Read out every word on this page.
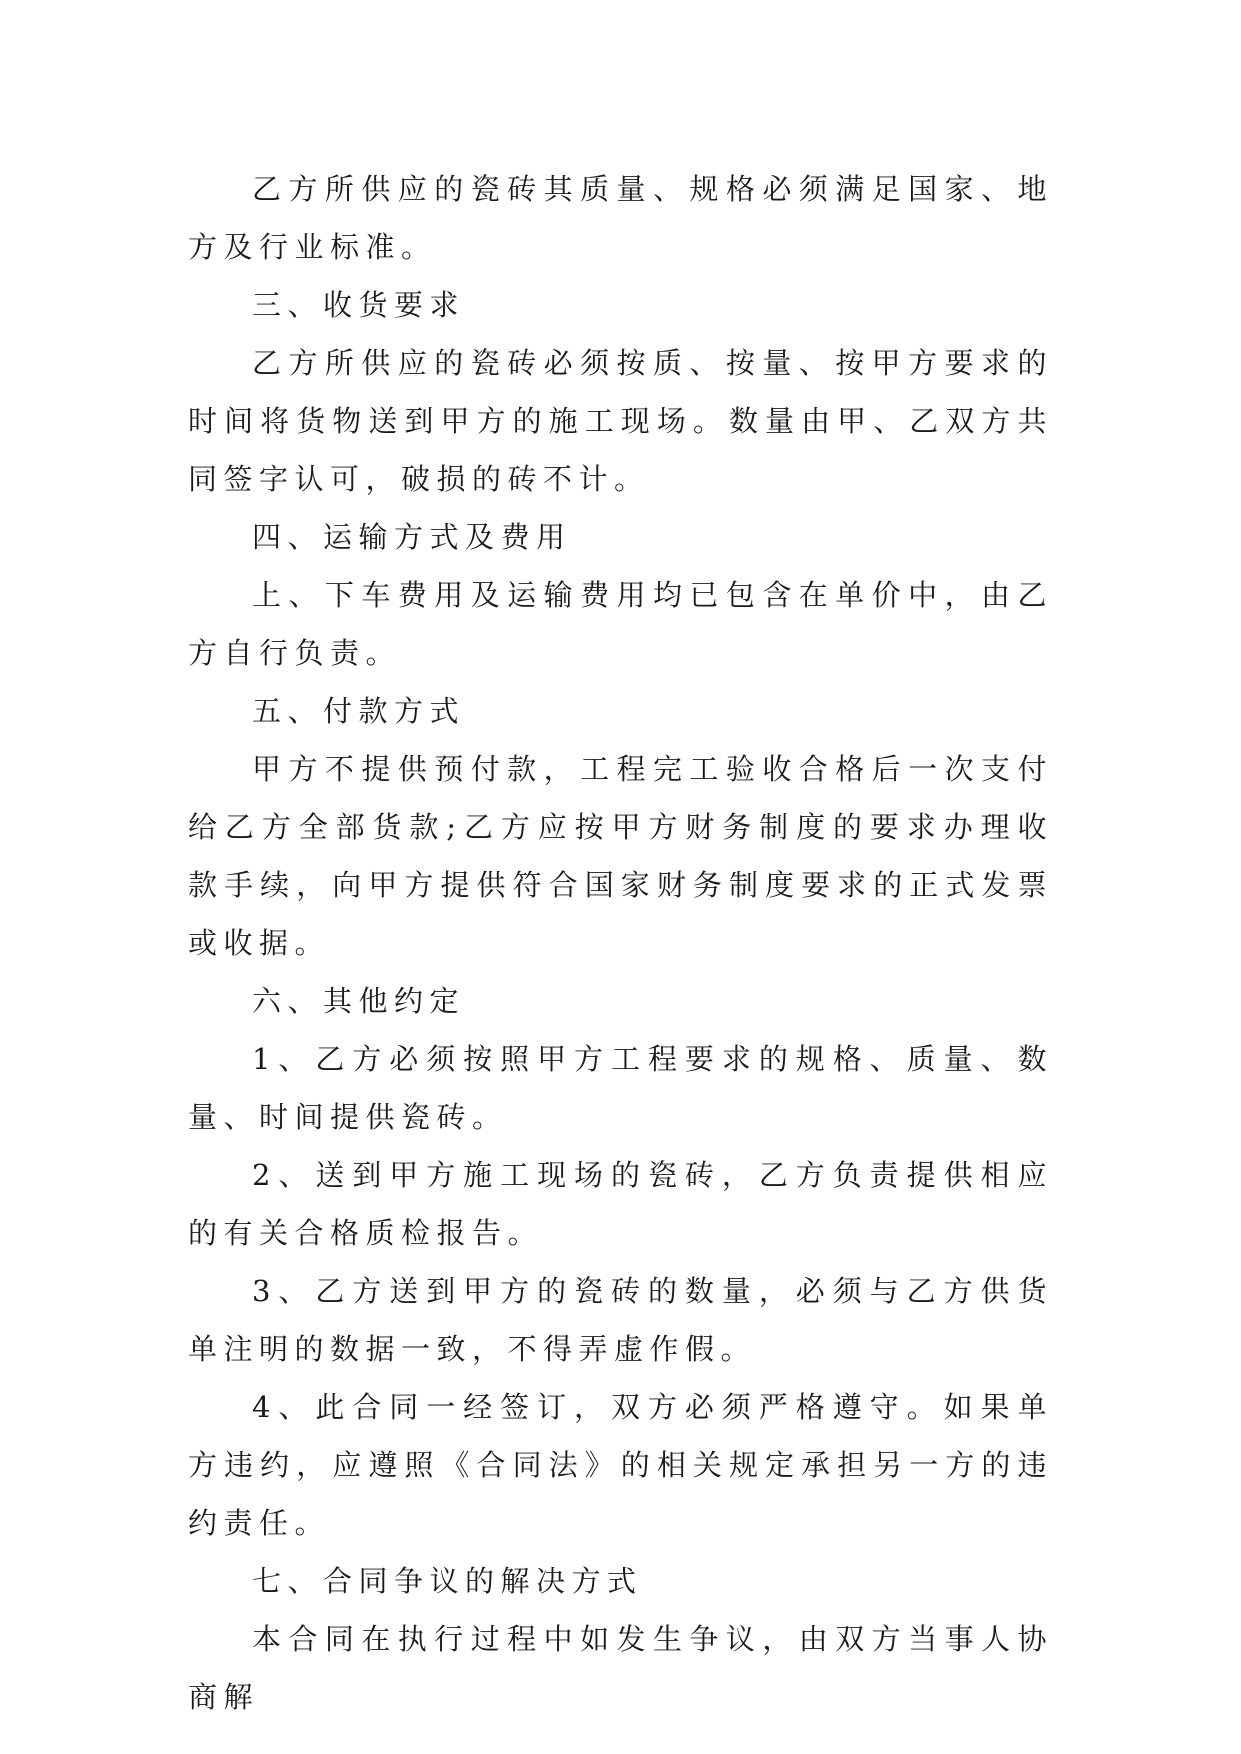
乙方所供应的瓷砖其质量、规格必须满足国家、地方及行业标准。

三、收货要求

乙方所供应的瓷砖必须按质、按量、按甲方要求的时间将货物送到甲方的施工现场。数量由甲、乙双方共同签字认可，破损的砖不计。

四、运输方式及费用

上、下车费用及运输费用均已包含在单价中，由乙方自行负责。

五、付款方式

甲方不提供预付款，工程完工验收合格后一次支付给乙方全部货款;乙方应按甲方财务制度的要求办理收款手续，向甲方提供符合国家财务制度要求的正式发票或收据。

六、其他约定

1、乙方必须按照甲方工程要求的规格、质量、数量、时间提供瓷砖。

2、送到甲方施工现场的瓷砖，乙方负责提供相应的有关合格质检报告。

3、乙方送到甲方的瓷砖的数量，必须与乙方供货单注明的数据一致，不得弄虚作假。

4、此合同一经签订，双方必须严格遵守。如果单方违约，应遵照《合同法》的相关规定承担另一方的违约责任。

七、合同争议的解决方式

本合同在执行过程中如发生争议，由双方当事人协商解
